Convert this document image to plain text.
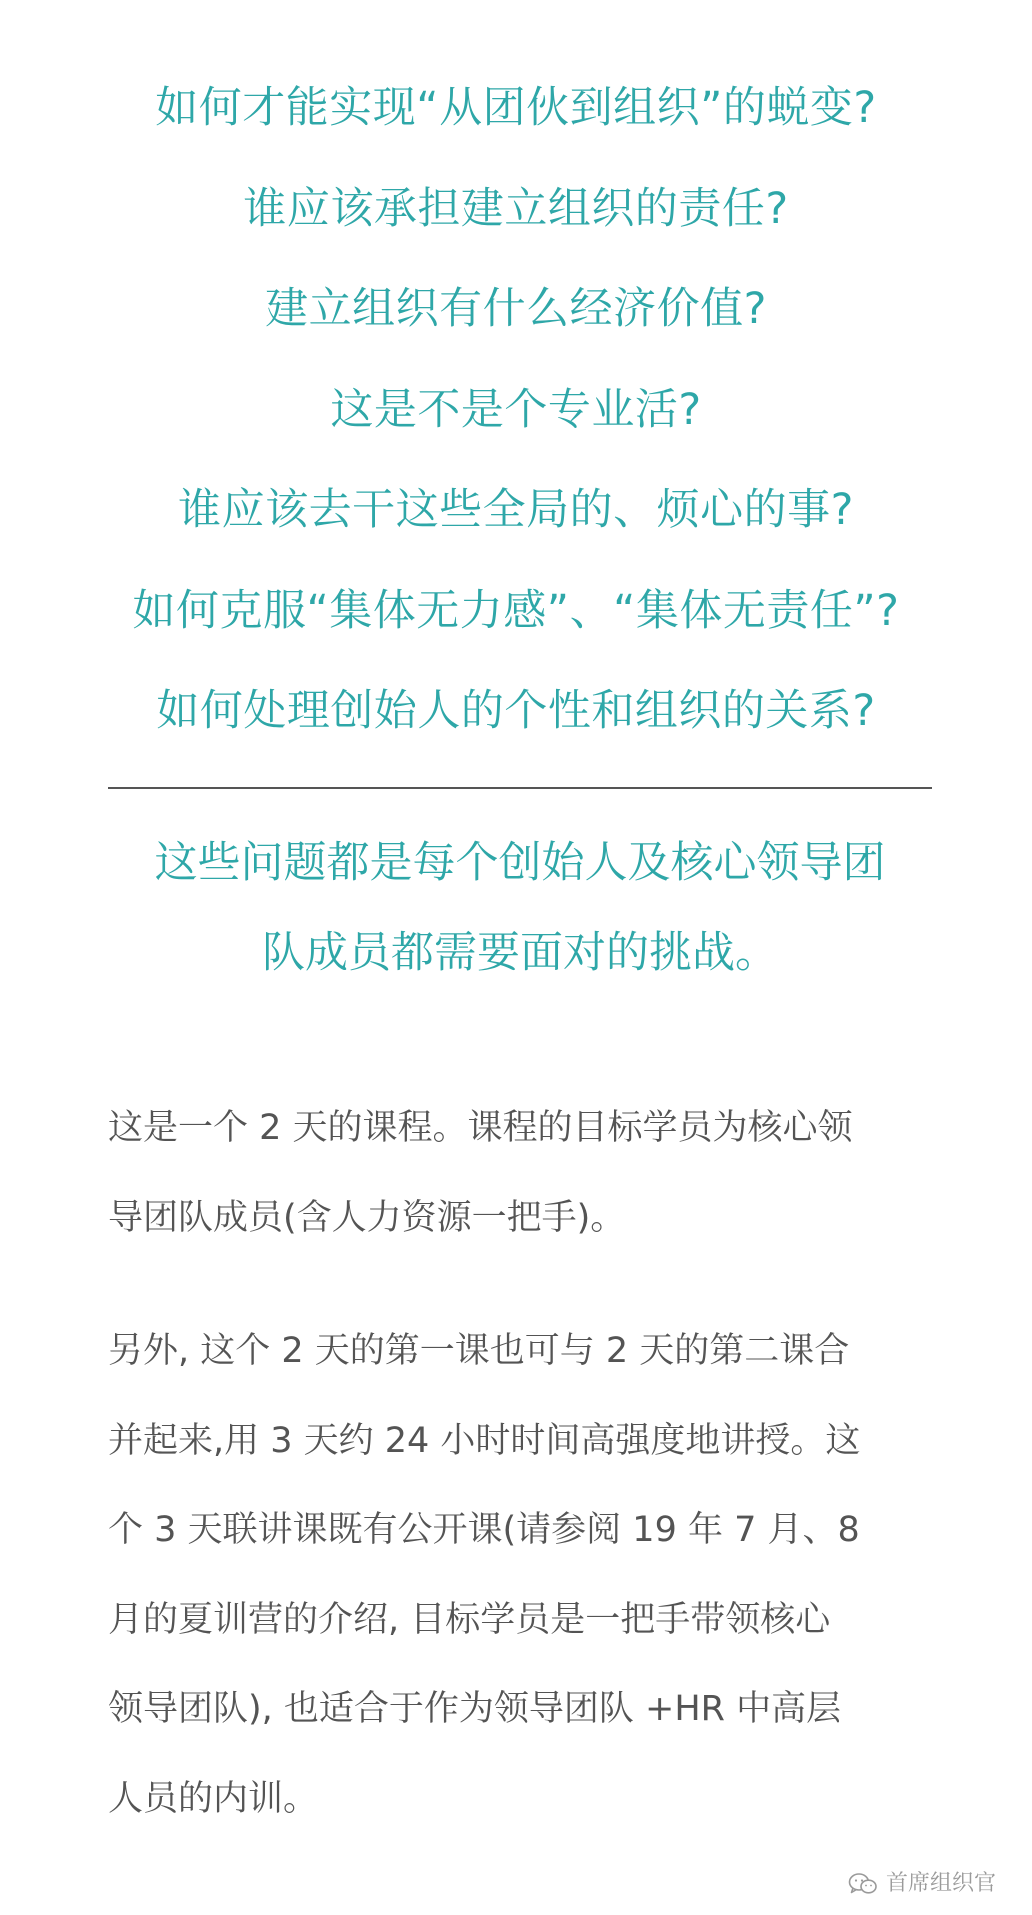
如何才能实现“从团伙到组织”的蜕变?
谁应该承担建立组织的责任?
建立组织有什么经济价值?
这是不是个专业活?
谁应该去干这些全局的、烦心的事?
如何克服“集体无力感”、“集体无责任”?
如何处理创始人的个性和组织的关系?
这些问题都是每个创始人及核心领导团
队成员都需要面对的挑战。
这是一个 2 天的课程。课程的目标学员为核心领
导团队成员(含人力资源一把手)。
另外, 这个 2 天的第一课也可与 2 天的第二课合
并起来,用 3 天约 24 小时时间高强度地讲授。这
个 3 天联讲课既有公开课(请参阅 19 年 7 月、8
月的夏训营的介绍, 目标学员是一把手带领核心
领导团队), 也适合于作为领导团队 +HR 中高层
人员的内训。
首席组织官
